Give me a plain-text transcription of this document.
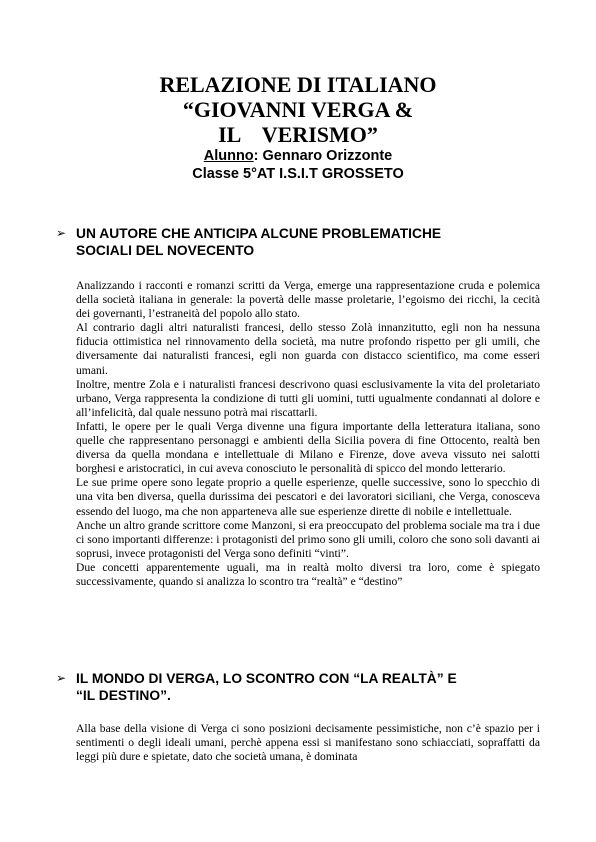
RELAZIONE DI ITALIANO

“GIOVANNI VERGA &

IL    VERISMO”

Alunno: Gennaro Orizzonte

Classe 5°AT I.S.I.T GROSSETO

➢ UN AUTORE CHE ANTICIPA ALCUNE PROBLEMATICHE
SOCIALI DEL NOVECENTO

Analizzando i racconti e romanzi scritti da Verga, emerge una rappresentazione cruda e polemica della società italiana in generale: la povertà delle masse proletarie, l’egoismo dei ricchi, la cecità dei governanti, l’estraneità del popolo allo stato.

Al contrario dagli altri naturalisti francesi, dello stesso Zolà innanzitutto, egli non ha nessuna fiducia ottimistica nel rinnovamento della società, ma nutre profondo rispetto per gli umili, che diversamente dai naturalisti francesi, egli non guarda con distacco scientifico, ma come esseri umani.

Inoltre, mentre Zola e i naturalisti francesi descrivono quasi esclusivamente la vita del proletariato urbano, Verga rappresenta la condizione di tutti gli uomini, tutti ugualmente condannati al dolore e all’infelicità, dal quale nessuno potrà mai riscattarli.

Infatti, le opere per le quali Verga divenne una figura importante della letteratura italiana, sono quelle che rappresentano personaggi e ambienti della Sicilia povera di fine Ottocento, realtà ben diversa da quella mondana e intellettuale di Milano e Firenze, dove aveva vissuto nei salotti borghesi e aristocratici, in cui aveva conosciuto le personalità di spicco del mondo letterario.

Le sue prime opere sono legate proprio a quelle esperienze, quelle successive, sono lo specchio di una vita ben diversa, quella durissima dei pescatori e dei lavoratori siciliani, che Verga, conosceva essendo del luogo, ma che non apparteneva alle sue esperienze dirette di nobile e intellettuale.

Anche un altro grande scrittore come Manzoni, si era preoccupato del problema sociale ma tra i due ci sono importanti differenze: i protagonisti del primo sono gli umili, coloro che sono soli davanti ai soprusi, invece protagonisti del Verga sono definiti “vinti”.

Due concetti apparentemente uguali, ma in realtà molto diversi tra loro, come è spiegato successivamente, quando si analizza lo scontro tra “realtà” e “destino”

➢ IL MONDO DI VERGA, LO SCONTRO CON “LA REALTÀ” E
“IL DESTINO”.

Alla base della visione di Verga ci sono posizioni decisamente pessimistiche, non c’è spazio per i sentimenti o degli ideali umani, perchè appena essi si manifestano sono schiacciati, sopraffatti da leggi più dure e spietate, dato che società umana, è dominata
